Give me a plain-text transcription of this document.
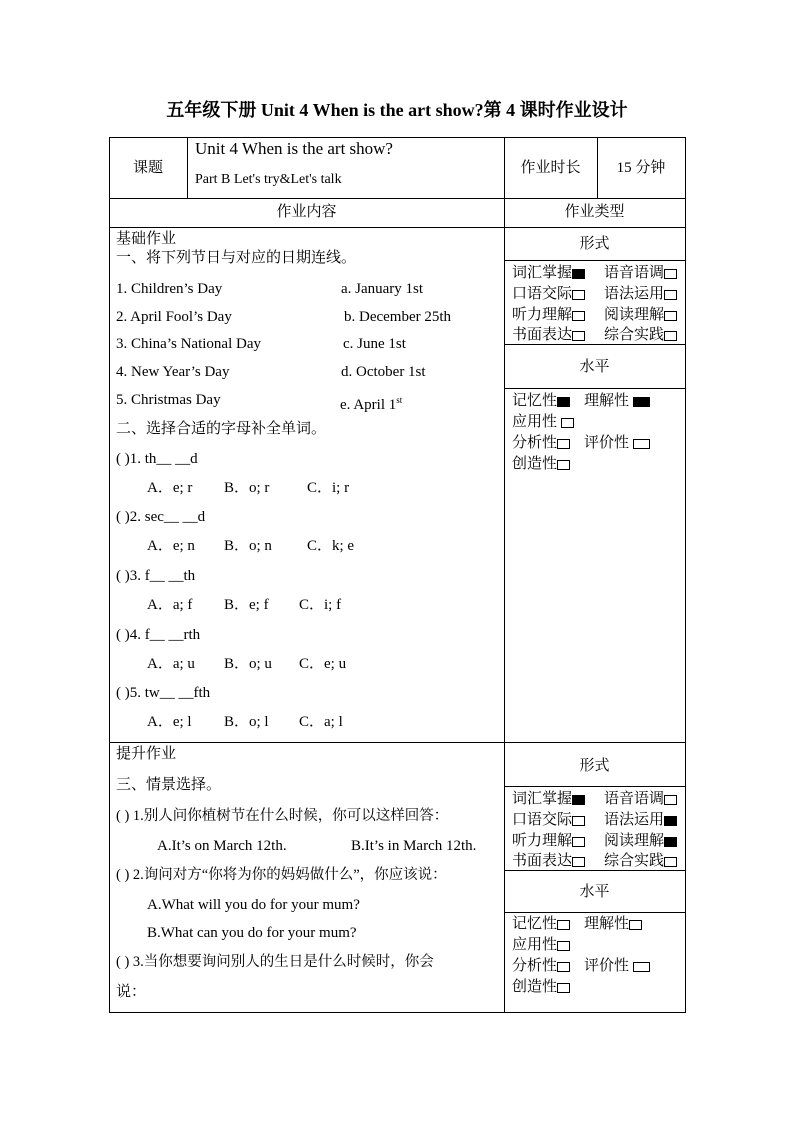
五年级下册 Unit 4 When is the art show?第 4 课时作业设计
课题
Unit 4 When is the art show?
Part B Let's try&Let's talk
作业时长	15 分钟
作业内容	作业类型
基础作业
一、将下列节日与对应的日期连线。
1. Children’s Day	a. January 1st
2. April Fool’s Day	b. December 25th
3. China’s National Day	c. June 1st
4. New Year’s Day	d. October 1st
5. Christmas Day	e. April 1st
二、选择合适的字母补全单词。
( )1. th__ __d
A．e; r B．o; r	C．i; r
( )2. sec__ __d
A．e; n B．o; n C．k; e
( )3. f__ __th
A．a; f B．e; f C．i; f
( )4. f__ __rth
A．a; u B．o; u C．e; u
( )5. tw__ __fth
A．e; l B．o; l C．a; l
提升作业
三、情景选择。
( ) 1.别人问你植树节在什么时候，你可以这样回答：
A.It’s on March 12th.	B.It’s in March 12th.
( ) 2.询问对方“你将为你的妈妈做什么”，你应该说：
A.What will you do for your mum?
B.What can you do for your mum?
( ) 3.当你想要询问别人的生日是什么时候时，你会
说：
形式
词汇掌握	语音语调
口语交际	语法运用
听力理解	阅读理解
书面表达	综合实践
水平
记忆性	理解性
应用性
分析性	评价性
创造性
形式
词汇掌握	语音语调
口语交际	语法运用
听力理解	阅读理解
书面表达	综合实践
水平
记忆性	理解性
应用性
分析性	评价性
创造性
